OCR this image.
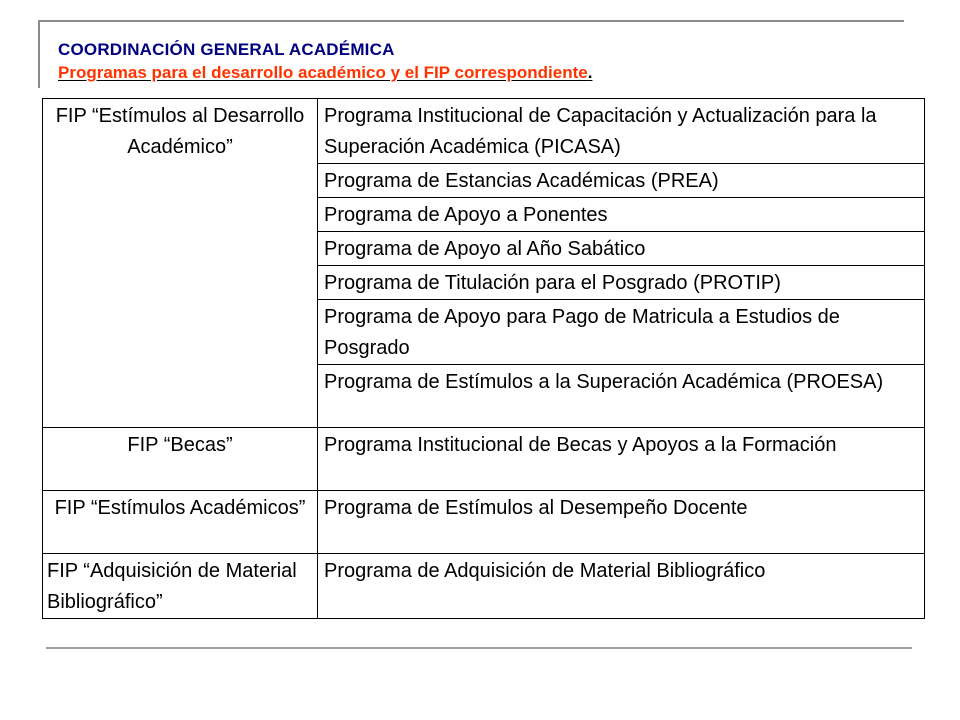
COORDINACIÓN GENERAL ACADÉMICA
Programas para el desarrollo académico y el FIP correspondiente.
FIP “Estímulos al Desarrollo Académico”	Programa Institucional de Capacitación y Actualización para la Superación Académica (PICASA)
	Programa de Estancias Académicas (PREA)
	Programa de Apoyo a Ponentes
	Programa de Apoyo al Año Sabático
	Programa de Titulación para el Posgrado (PROTIP)
	Programa de Apoyo para Pago de Matricula a Estudios de Posgrado
	Programa de Estímulos a la Superación Académica (PROESA)
FIP “Becas”	Programa Institucional de Becas y Apoyos a la Formación
FIP “Estímulos Académicos”	Programa de Estímulos al Desempeño Docente
FIP “Adquisición de Material Bibliográfico”	Programa de Adquisición de Material Bibliográfico
